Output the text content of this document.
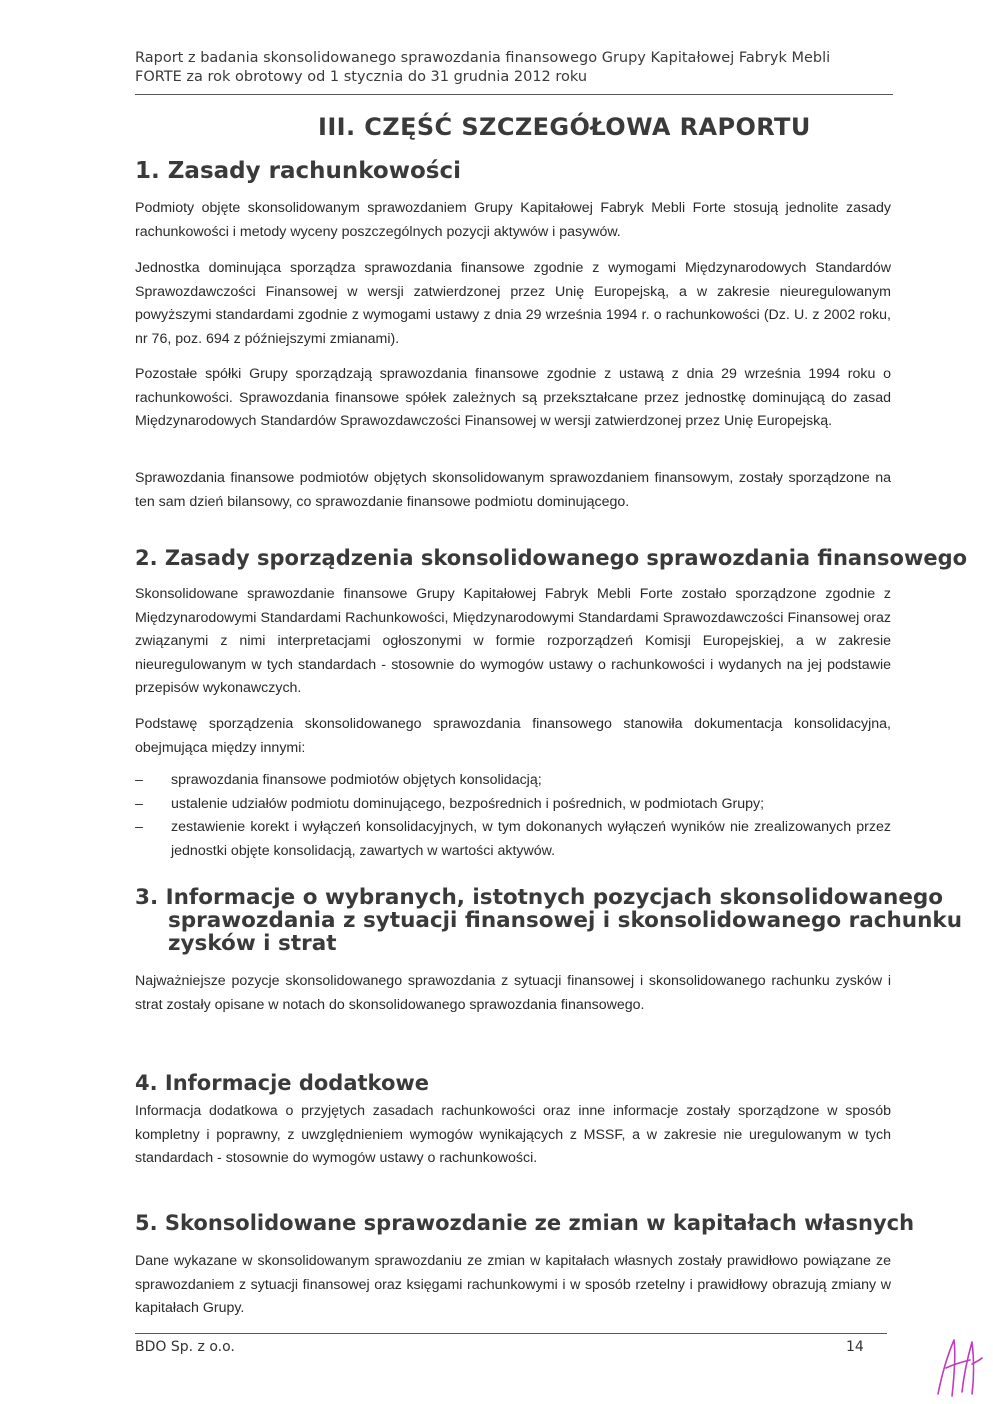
Raport z badania skonsolidowanego sprawozdania finansowego Grupy Kapitałowej Fabryk Mebli
FORTE za rok obrotowy od 1 stycznia do 31 grudnia 2012 roku
III. CZĘŚĆ SZCZEGÓŁOWA RAPORTU
1. Zasady rachunkowości

Podmioty objęte skonsolidowanym sprawozdaniem Grupy Kapitałowej Fabryk Mebli Forte stosują jednolite zasady rachunkowości i metody wyceny poszczególnych pozycji aktywów i pasywów.

Jednostka dominująca sporządza sprawozdania finansowe zgodnie z wymogami Międzynarodowych Standardów Sprawozdawczości Finansowej w wersji zatwierdzonej przez Unię Europejską, a w zakresie nieuregulowanym powyższymi standardami zgodnie z wymogami ustawy z dnia 29 września 1994 r. o rachunkowości (Dz. U. z 2002 roku, nr 76, poz. 694 z późniejszymi zmianami).

Pozostałe spółki Grupy sporządzają sprawozdania finansowe zgodnie z ustawą z dnia 29 września 1994 roku o rachunkowości. Sprawozdania finansowe spółek zależnych są przekształcane przez jednostkę dominującą do zasad Międzynarodowych Standardów Sprawozdawczości Finansowej w wersji zatwierdzonej przez Unię Europejską.

Sprawozdania finansowe podmiotów objętych skonsolidowanym sprawozdaniem finansowym, zostały sporządzone na ten sam dzień bilansowy, co sprawozdanie finansowe podmiotu dominującego.

2. Zasady sporządzenia skonsolidowanego sprawozdania finansowego

Skonsolidowane sprawozdanie finansowe Grupy Kapitałowej Fabryk Mebli Forte zostało sporządzone zgodnie z Międzynarodowymi Standardami Rachunkowości, Międzynarodowymi Standardami Sprawozdawczości Finansowej oraz związanymi z nimi interpretacjami ogłoszonymi w formie rozporządzeń Komisji Europejskiej, a w zakresie nieuregulowanym w tych standardach - stosownie do wymogów ustawy o rachunkowości i wydanych na jej podstawie przepisów wykonawczych.

Podstawę sporządzenia skonsolidowanego sprawozdania finansowego stanowiła dokumentacja konsolidacyjna, obejmująca między innymi:

– sprawozdania finansowe podmiotów objętych konsolidacją;
– ustalenie udziałów podmiotu dominującego, bezpośrednich i pośrednich, w podmiotach Grupy;
– zestawienie korekt i wyłączeń konsolidacyjnych, w tym dokonanych wyłączeń wyników nie zrealizowanych przez jednostki objęte konsolidacją, zawartych w wartości aktywów.
3. Informacje o wybranych, istotnych pozycjach skonsolidowanego
sprawozdania z sytuacji finansowej i skonsolidowanego rachunku
zysków i strat

Najważniejsze pozycje skonsolidowanego sprawozdania z sytuacji finansowej i skonsolidowanego rachunku zysków i strat zostały opisane w notach do skonsolidowanego sprawozdania finansowego.

4. Informacje dodatkowe

Informacja dodatkowa o przyjętych zasadach rachunkowości oraz inne informacje zostały sporządzone w sposób kompletny i poprawny, z uwzględnieniem wymogów wynikających z MSSF, a w zakresie nie uregulowanym w tych standardach - stosownie do wymogów ustawy o rachunkowości.

5. Skonsolidowane sprawozdanie ze zmian w kapitałach własnych

Dane wykazane w skonsolidowanym sprawozdaniu ze zmian w kapitałach własnych zostały prawidłowo powiązane ze sprawozdaniem z sytuacji finansowej oraz księgami rachunkowymi i w sposób rzetelny i prawidłowy obrazują zmiany w kapitałach Grupy.

BDO Sp. z o.o.	14
